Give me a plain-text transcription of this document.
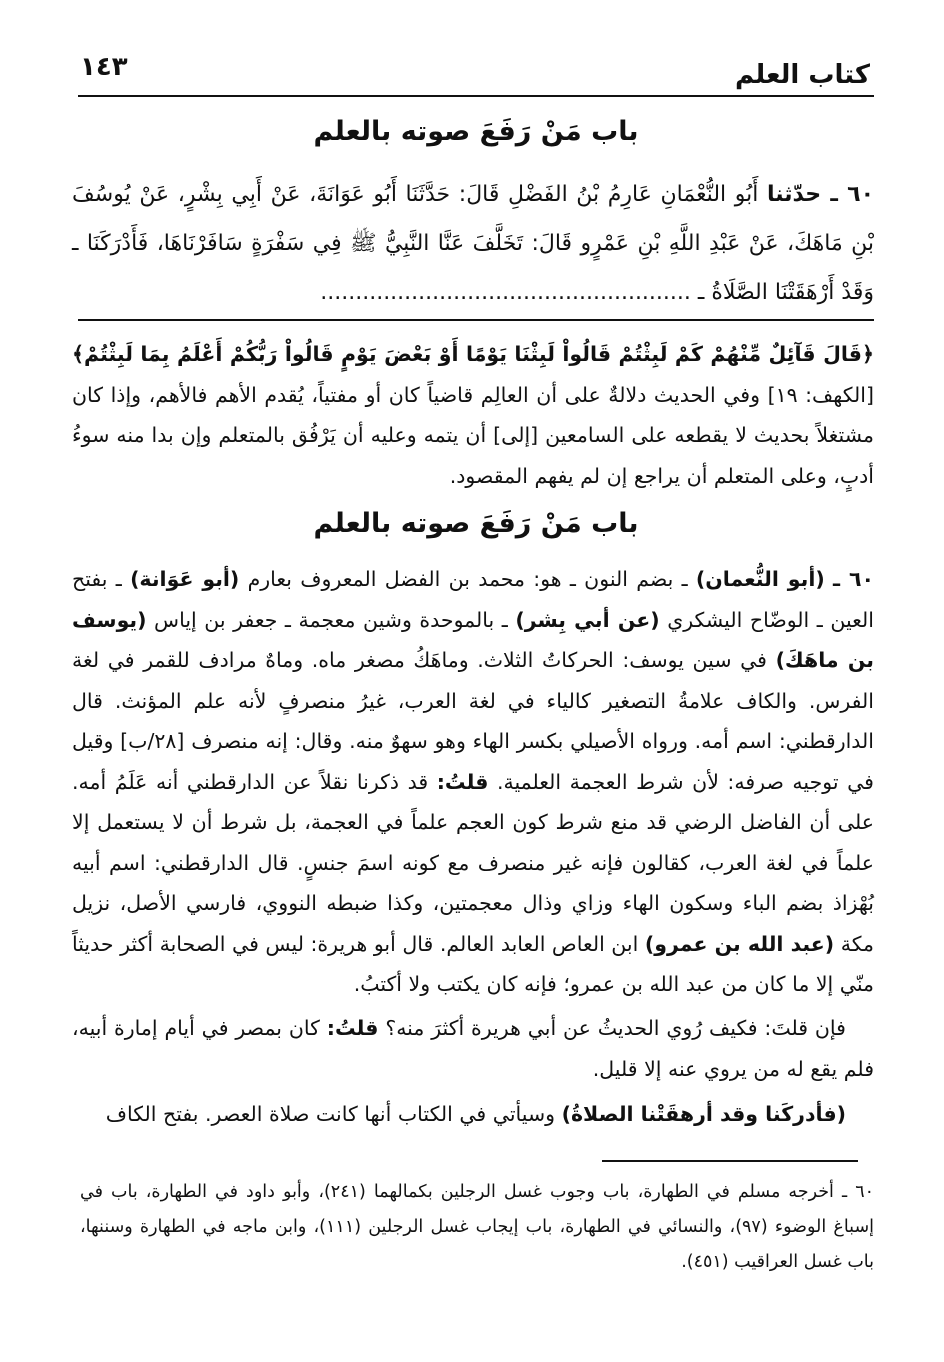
كتاب العلم
١٤٣
باب مَنْ رَفَعَ صوته بالعلم
٦٠ ـ حدّثنا أَبُو النُّعْمَانِ عَارِمُ بْنُ الفَضْلِ قَالَ: حَدَّثَنَا أَبُو عَوَانَةَ، عَنْ أَبِي بِشْرٍ، عَنْ يُوسُفَ بْنِ مَاهَكَ، عَنْ عَبْدِ اللَّهِ بْنِ عَمْرٍو قَالَ: تَخَلَّفَ عَنَّا النَّبِيُّ ﷺ فِي سَفْرَةٍ سَافَرْنَاهَا، فَأَدْرَكَنَا ـ وَقَدْ أَرْهَقَتْنَا الصَّلَاةُ ـ .....................................................
﴿قَالَ قَآئِلٌ مِّنْهُمْ كَمْ لَبِثْتُمْ قَالُواْ لَبِثْنَا يَوْمًا أَوْ بَعْضَ يَوْمٍ قَالُواْ رَبُّكُمْ أَعْلَمُ بِمَا لَبِثْتُمْ﴾ [الكهف: ١٩] وفي الحديث دلالةٌ على أن العالِم قاضياً كان أو مفتياً، يُقدم الأهم فالأهم، وإذا كان مشتغلاً بحديث لا يقطعه على السامعين [إلى] أن يتمه وعليه أن يَرْفُق بالمتعلم وإن بدا منه سوءُ أدبٍ، وعلى المتعلم أن يراجع إن لم يفهم المقصود.
باب مَنْ رَفَعَ صوته بالعلم
٦٠ ـ (أبو النُّعمان) ـ بضم النون ـ هو: محمد بن الفضل المعروف بعارم (أبو عَوَانة) ـ بفتح العين ـ الوضّاح اليشكري (عن أبي بِشر) ـ بالموحدة وشين معجمة ـ جعفر بن إياس (يوسف بن ماهَكَ) في سين يوسف: الحركاتُ الثلاث. وماهَكُ مصغر ماه. وماهٌ مرادف للقمر في لغة الفرس. والكاف علامةُ التصغير كالياء في لغة العرب، غيرُ منصرفٍ لأنه علم المؤنث. قال الدارقطني: اسم أمه. ورواه الأصيلي بكسر الهاء وهو سهوٌ منه. وقال: إنه منصرف [٢٨/ب] وقيل في توجيه صرفه: لأن شرط العجمة العلمية. قلتُ: قد ذكرنا نقلاً عن الدارقطني أنه عَلَمُ أمه. على أن الفاضل الرضي قد منع شرط كون العجم علماً في العجمة، بل شرط أن لا يستعمل إلا علماً في لغة العرب، كقالون فإنه غير منصرف مع كونه اسمَ جنسٍ. قال الدارقطني: اسم أبيه بُهْزاذ بضم الباء وسكون الهاء وزاي وذال معجمتين، وكذا ضبطه النووي، فارسي الأصل، نزيل مكة (عبد الله بن عمرو) ابن العاص العابد العالم. قال أبو هريرة: ليس في الصحابة أكثر حديثاً منّي إلا ما كان من عبد الله بن عمرو؛ فإنه كان يكتب ولا أكتبُ.
فإن قلتَ: فكيف رُوي الحديثُ عن أبي هريرة أكثرَ منه؟ قلتُ: كان بمصر في أيام إمارة أبيه، فلم يقع له من يروي عنه إلا قليل.
(فأدركَنا وقد أرهقَتْنا الصلاةُ) وسيأتي في الكتاب أنها كانت صلاة العصر. بفتح الكاف
٦٠ ـ أخرجه مسلم في الطهارة، باب وجوب غسل الرجلين بكمالهما (٢٤١)، وأبو داود في الطهارة، باب في إسباغ الوضوء (٩٧)، والنسائي في الطهارة، باب إيجاب غسل الرجلين (١١١)، وابن ماجه في الطهارة وسننها، باب غسل العراقيب (٤٥١).
